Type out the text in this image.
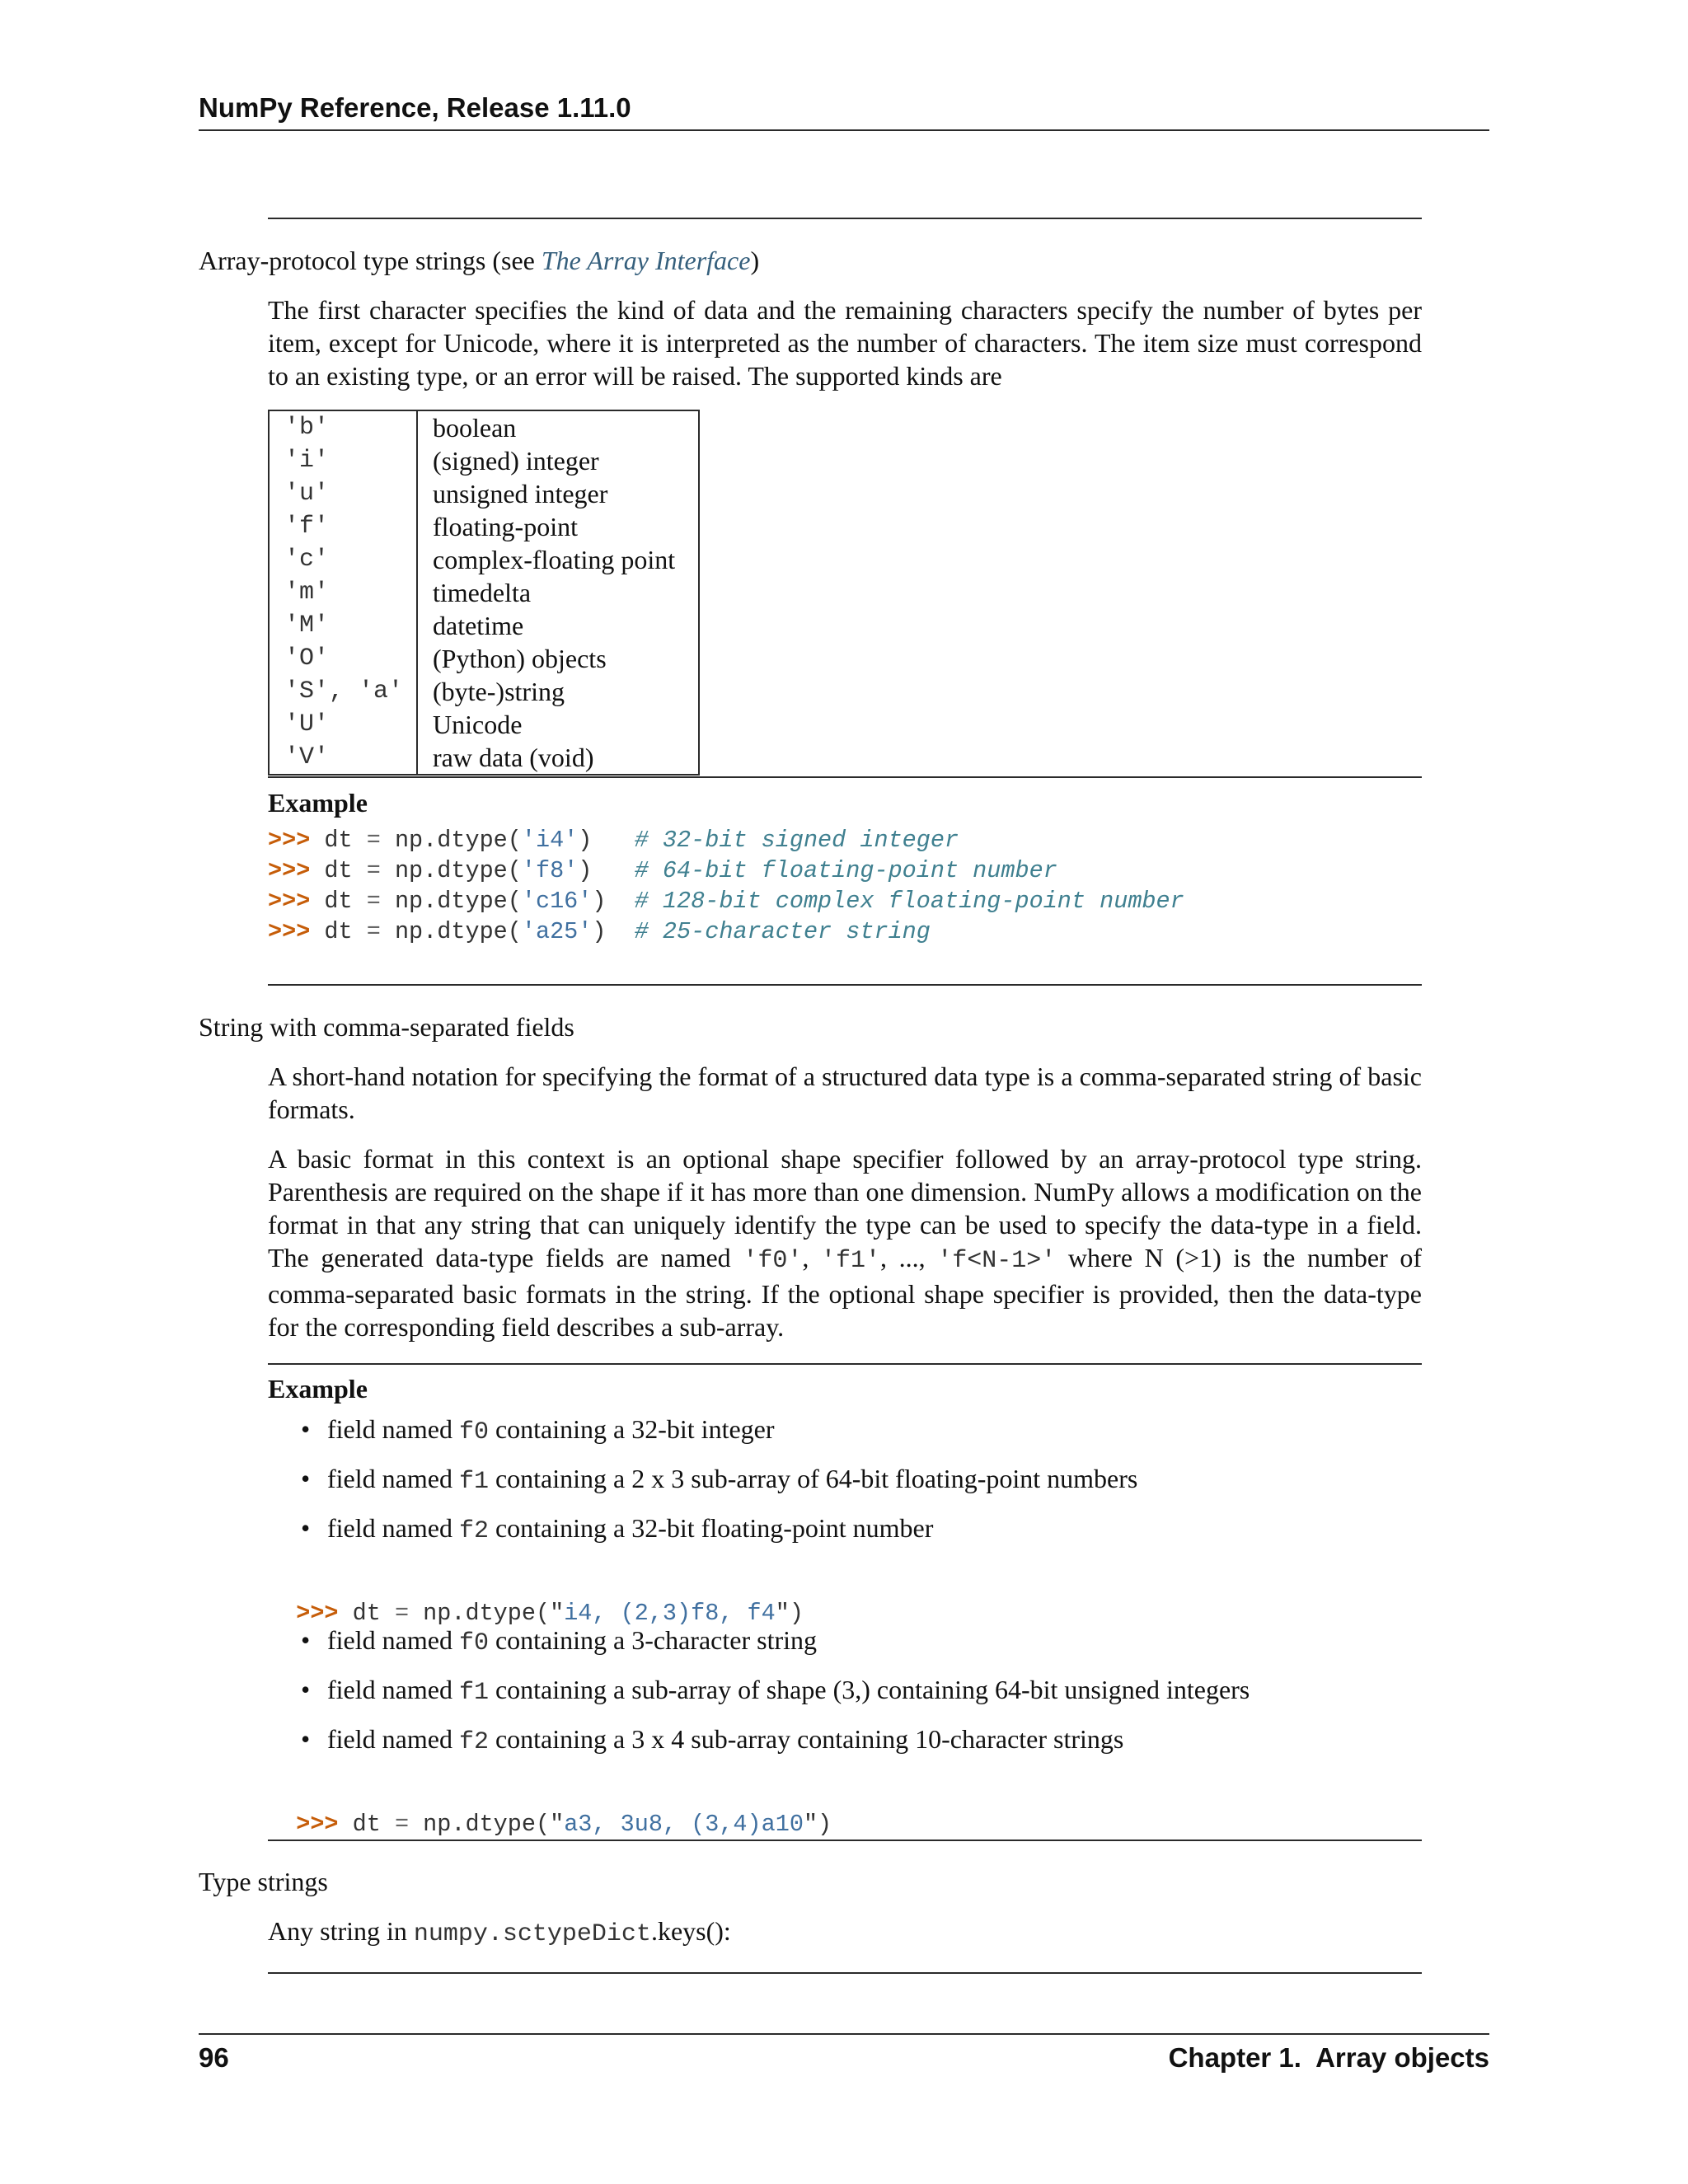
NumPy Reference, Release 1.11.0
Array-protocol type strings (see The Array Interface)

The first character specifies the kind of data and the remaining characters specify the number of bytes per item, except for Unicode, where it is interpreted as the number of characters. The item size must correspond to an existing type, or an error will be raised. The supported kinds are

'b'	boolean
'i'	(signed) integer
'u'	unsigned integer
'f'	floating-point
'c'	complex-floating point
'm'	timedelta
'M'	datetime
'O'	(Python) objects
'S', 'a'	(byte-)string
'U'	Unicode
'V'	raw data (void)
Example
>>> dt = np.dtype('i4') # 32-bit signed integer
>>> dt = np.dtype('f8') # 64-bit floating-point number
>>> dt = np.dtype('c16') # 128-bit complex floating-point number
>>> dt = np.dtype('a25') # 25-character string
String with comma-separated fields

A short-hand notation for specifying the format of a structured data type is a comma-separated string of basic formats.

A basic format in this context is an optional shape specifier followed by an array-protocol type string. Parenthesis are required on the shape if it has more than one dimension. NumPy allows a modification on the format in that any string that can uniquely identify the type can be used to specify the data-type in a field. The generated data-type fields are named 'f0', 'f1', ..., 'f<N-1>' where N (>1) is the number of comma-separated basic formats in the string. If the optional shape specifier is provided, then the data-type for the corresponding field describes a sub-array.

Example
• field named f0 containing a 32-bit integer
• field named f1 containing a 2 x 3 sub-array of 64-bit floating-point numbers
• field named f2 containing a 32-bit floating-point number

>>> dt = np.dtype("i4, (2,3)f8, f4")

• field named f0 containing a 3-character string
• field named f1 containing a sub-array of shape (3,) containing 64-bit unsigned integers
• field named f2 containing a 3 x 4 sub-array containing 10-character strings

>>> dt = np.dtype("a3, 3u8, (3,4)a10")

Type strings

Any string in numpy.sctypeDict.keys():

96	Chapter 1.  Array objects
